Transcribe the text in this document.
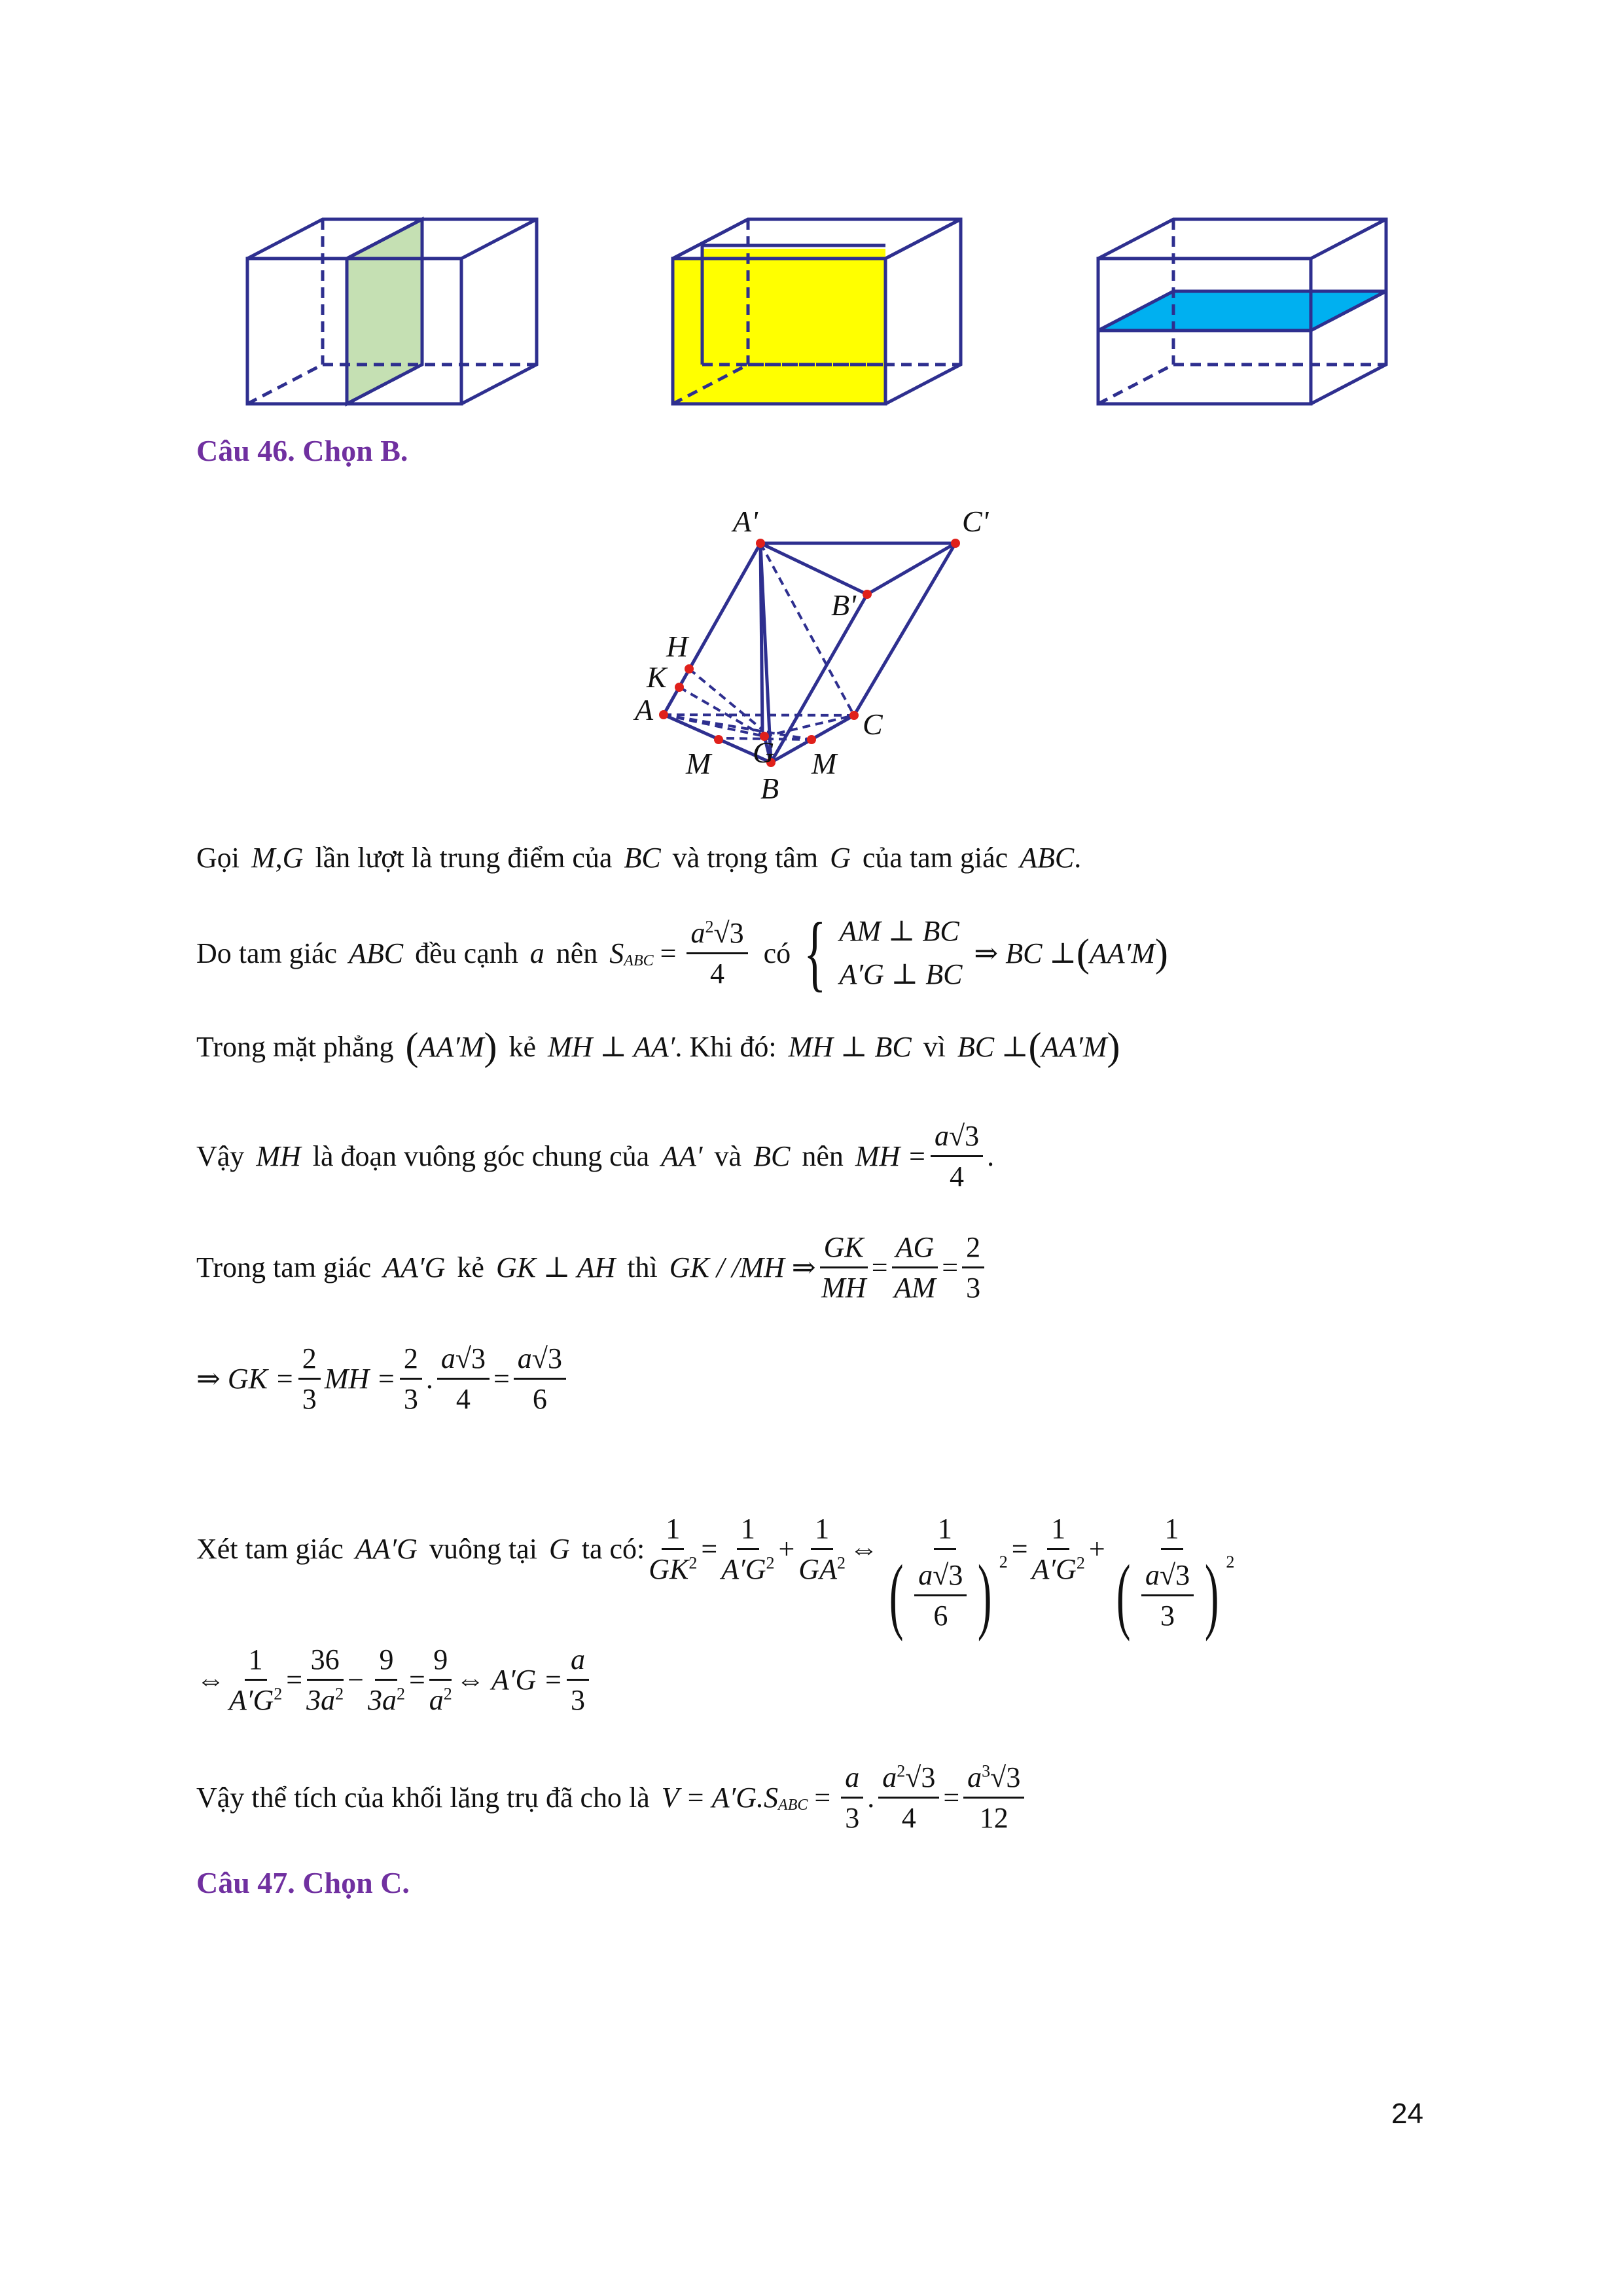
Câu 46. Chọn B.
A'	C'
B'
H
K
A
G
C
M	M
B
Gọi M , G lần lượt là trung điểm của BC và trọng tâm G của tam giác ABC .
Do tam giác ABC đều cạnh a nên $S_{ABC} = \frac{a^2√3}{4}$ có { AM ⊥ BC
A′G ⊥ BC
⇒ BC ⊥ ( AA′M )
Trong mặt phẳng ( AA′M ) kẻ MH ⊥ AA′ . Khi đó: MH ⊥ BC vì BC ⊥ ( AA′M )
Vậy MH là đoạn vuông góc chung của AA′ và BC nên MH = $\frac{a√3}{4}$ .
Trong tam giác AA′G kẻ GK ⊥ AH thì GK / /MH ⇒ $\frac{GK}{MH} = \frac{AG}{AM} = \frac{2}{3}$
⇒ GK = $\frac{2}{3}$ MH = $\frac{2}{3}$ . $\frac{a√3}{4} = \frac{a√3}{6}$
Xét tam giác AA′G vuông tại G ta có: $\frac{1}{GK^2} = \frac{1}{A'G^2} + \frac{1}{GA^2}$ ⇔ $\frac{1}{( \frac{a√3}{6} ) ^2} = \frac{1}{A'G^2} + \frac{1}{( \frac{a√3}{3} ) ^2}$
⇔ $\frac{1}{A'G^2} = \frac{36}{3a^2} - \frac{9}{3a^2} = \frac{9}{a^2}$ ⇔ $A'G = \frac{a}{3}$
Vậy thể tích của khối lăng trụ đã cho là $V = A'G.S_{ABC} = \frac{a}{3}$ . $\frac{a^2√3}{4} = \frac{a^3√3}{12}$
Câu 47. Chọn C.
24
